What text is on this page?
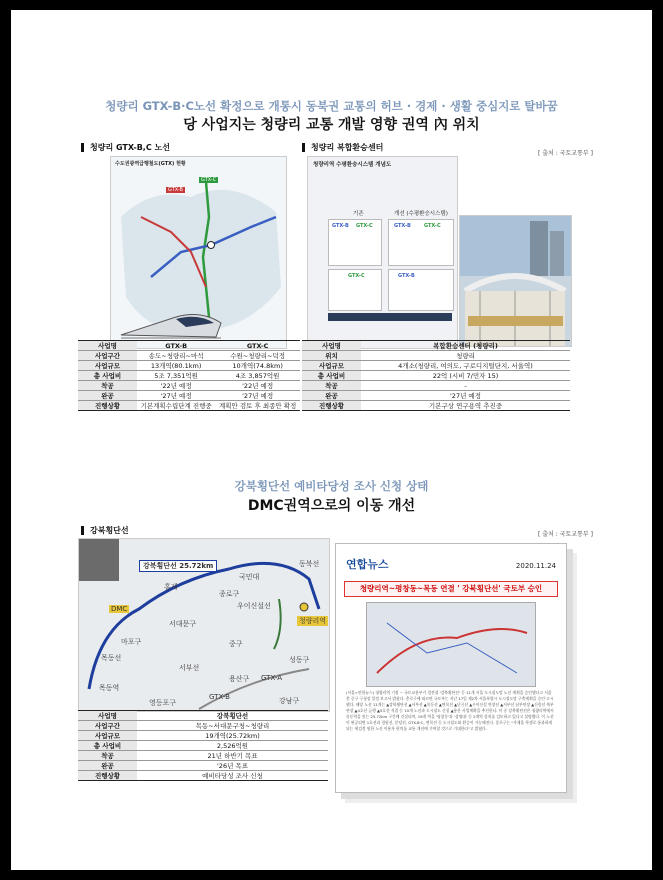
청량리 GTX-B·C노선 확정으로 개통시 동북권 교통의 허브 · 경제 · 생활 중심지로 탈바꿈
당 사업지는 청량리 교통 개발 영향 권역 內 위치
청량리 GTX-B,C 노선	청량리 복합환승센터
[ 출처 : 국토교통부 ]
수도권광역급행철도(GTX) 현황
GTX-B
GTX-C
청량리역 수평환승시스템 개념도
기존	개선 (수평환승시스템)
GTX-B GTX-C	GTX-B	GTX-C
GTX-C	GTX-B
사업명	GTX-B	GTX-C
사업구간	송도~청량리~마석	수원~청량리~덕정
사업규모	13개역(80.1km)	10개역(74.8km)
총 사업비	5조 7,351억원	4조 3,857억원
착공	'22년 예정	'22년 예정
완공	'27년 예정	'27년 예정
진행상황	기본계획수립단계 진행중	계획안 검토 후 최종안 확정
사업명	복합환승센터 (청량리)
위치	청량리
사업규모	4개소(청량리, 여의도, 구로디지털단지, 서울역)
총 사업비	22억 (시비 7/민자 15)
착공	-
완공	'27년 예정
진행상황	기본구상 연구용역 추진중
강북횡단선 예비타당성 조사 신청 상태
DMC권역으로의 이동 개선
강북횡단선	[ 출처 : 국토교통부 ]
강북횡단선 25.72km	동북선
국민대
홍제
종로구
우이신설선
DMC
서대문구	청량리역
마포구	중구
목동선
서부선
성동구
목동역
용산구 GTX-A
GTX-B
영등포구	강남구
사업명	강북횡단선
사업구간	목동~서대문구청~청량리
사업규모	19개역(25.72km)
총 사업비	2,526억원
착공	21년 하반기 목표
완공	'26년 목표
진행상황	예비타당성 조사 신청
연합뉴스	2020.11.24
청량리역~평창동~목동 연결 ' 강북횡단선' 국토부 승인
(서울=연합뉴스) 청량리역 기점 ~ 국토교통부가 경전철 '강북횡단선' 등 11개 서울 도시철도망 노선 계획을 승인했다고 서울 총 중구 구청장 일정 보고서 밝혔다. 총로구에 따르면 국토부는 지난 17일 제2차 서울특별시 도시철도망 구축계획을 승인·고시했다. 해당 노선 11개는 ▲강북횡단선 ▲서부선 ▲목동선 ▲면목선 ▲난곡선 ▲우이신설 연장선 ▲서부선 남부연장 ▲신림선 북부연장 ▲4호선 급행 ▲5호선 직결 등 10개 노선과 도시철도 신설 ▲용산 사업계획을 추진한다. 이 중 강북횡단선은 청량리역에서 목동역을 잇는 25.72km 구간에 건설되며, 19개 역을 '평창동'과 '상명대' 등 2개역 설치를 검토하고 있다고 설명했다. 이 노선이 완공되면 1호선과 경원선, 분당선, GTX-B·C, 면목선 등 도시철도와 환승이 가능해진다. 종로구는 "가재울 학생로 통과하게 되는 세검정 원한 노선 이용자 편의를 교통 개선에 기여할 것으로 기대한다"고 밝혔다.
